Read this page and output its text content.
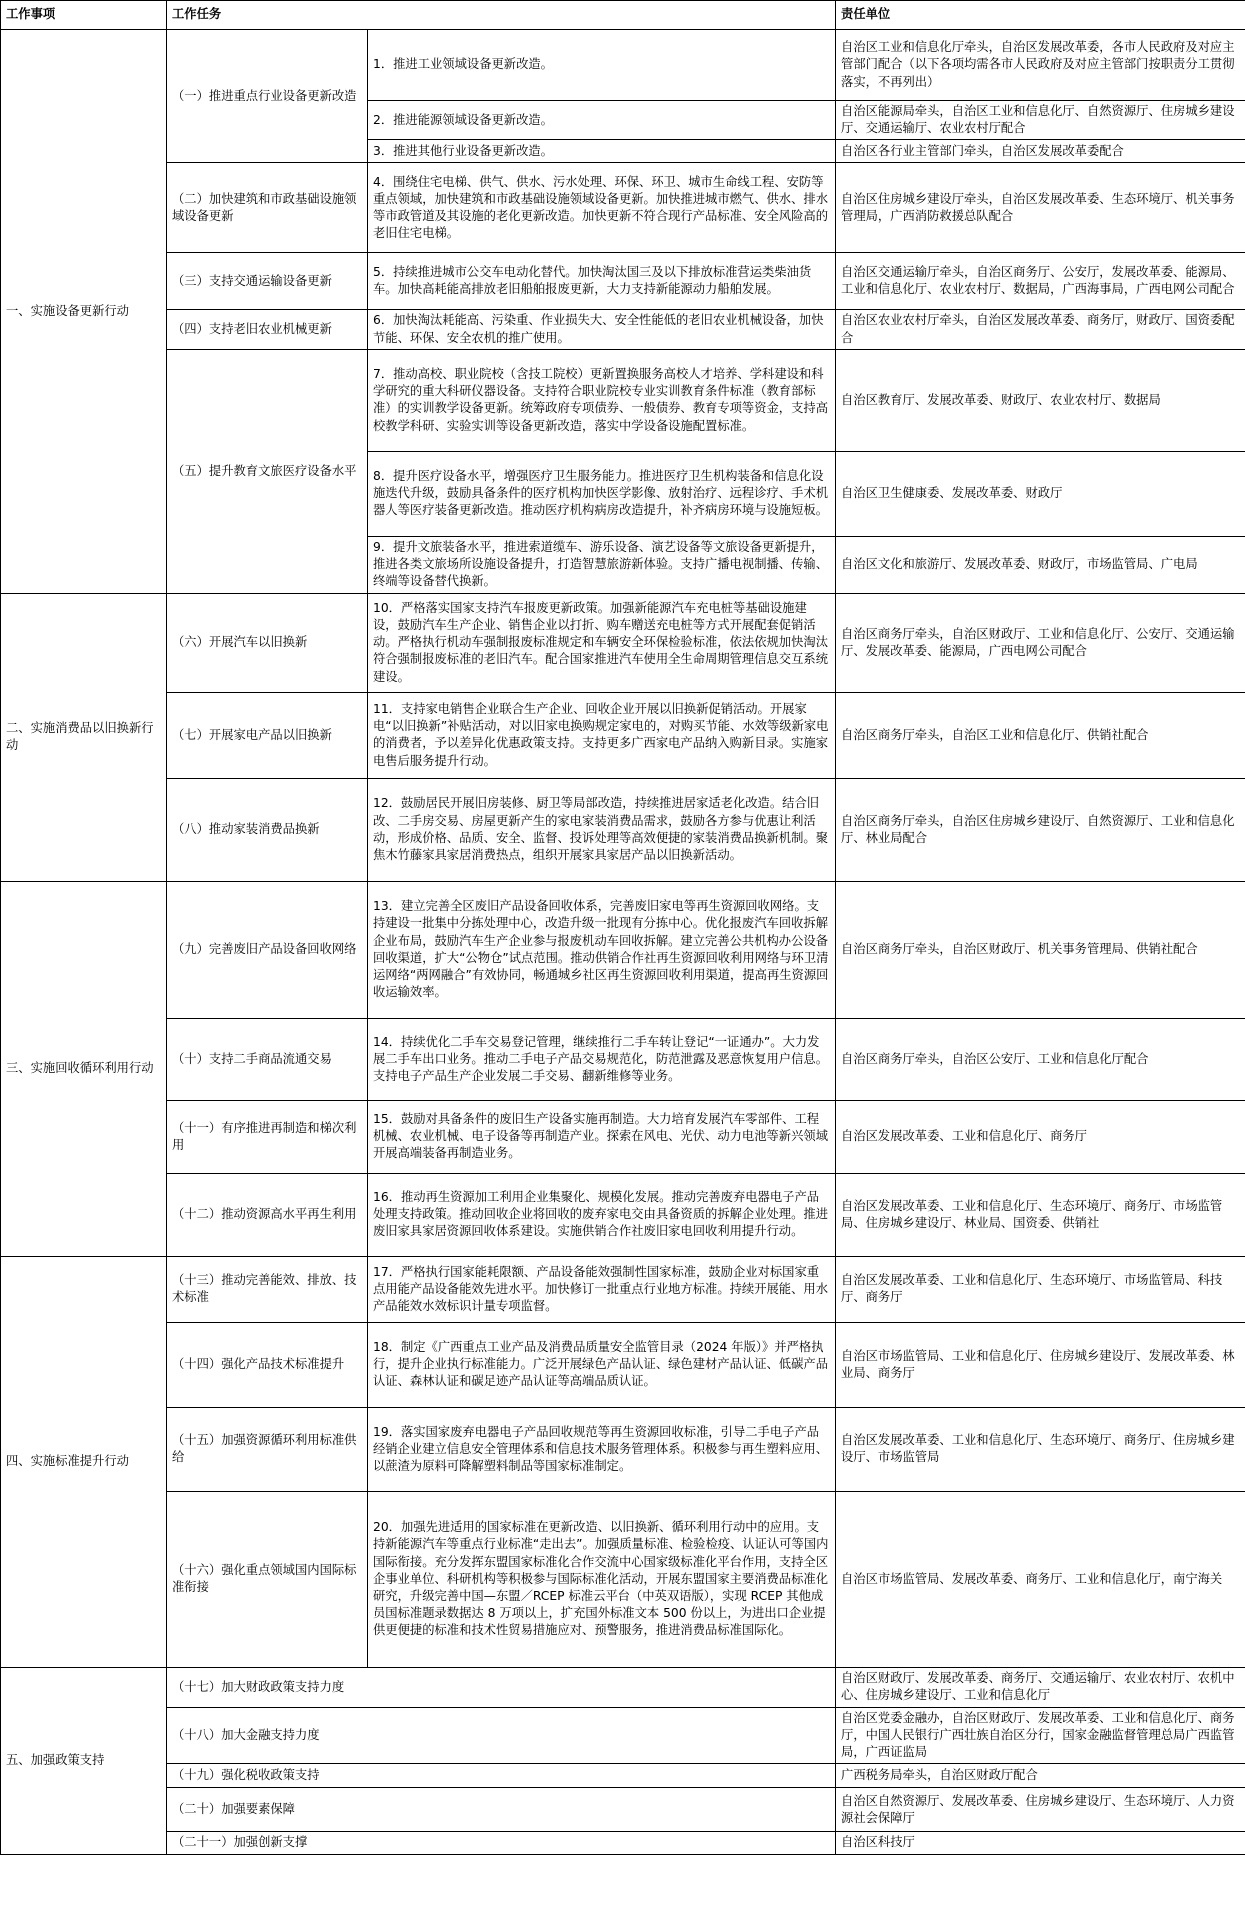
工作事项	工作任务		责任单位
一、实施设备更新行动	（一）推进重点行业设备更新改造	1．推进工业领域设备更新改造。	自治区工业和信息化厅牵头，自治区发展改革委，各市人民政府及对应主管部门配合（以下各项均需各市人民政府及对应主管部门按职责分工贯彻落实，不再列出）
		2．推进能源领域设备更新改造。	自治区能源局牵头，自治区工业和信息化厅、自然资源厅、住房城乡建设厅、交通运输厅、农业农村厅配合
		3．推进其他行业设备更新改造。	自治区各行业主管部门牵头，自治区发展改革委配合
	（二）加快建筑和市政基础设施领域设备更新	4．围绕住宅电梯、供气、供水、污水处理、环保、环卫、城市生命线工程、安防等重点领域，加快建筑和市政基础设施领域设备更新。加快推进城市燃气、供水、排水等市政管道及其设施的老化更新改造。加快更新不符合现行产品标准、安全风险高的老旧住宅电梯。	自治区住房城乡建设厅牵头，自治区发展改革委、生态环境厅、机关事务管理局，广西消防救援总队配合
	（三）支持交通运输设备更新	5．持续推进城市公交车电动化替代。加快淘汰国三及以下排放标准营运类柴油货车。加快高耗能高排放老旧船舶报废更新，大力支持新能源动力船舶发展。	自治区交通运输厅牵头，自治区商务厅、公安厅，发展改革委、能源局、工业和信息化厅、农业农村厅、数据局，广西海事局，广西电网公司配合
	（四）支持老旧农业机械更新	6．加快淘汰耗能高、污染重、作业损失大、安全性能低的老旧农业机械设备，加快节能、环保、安全农机的推广使用。	自治区农业农村厅牵头，自治区发展改革委、商务厅，财政厅、国资委配合
	（五）提升教育文旅医疗设备水平	7．推动高校、职业院校（含技工院校）更新置换服务高校人才培养、学科建设和科学研究的重大科研仪器设备。支持符合职业院校专业实训教育条件标准（教育部标准）的实训教学设备更新。统筹政府专项债券、一般债券、教育专项等资金，支持高校教学科研、实验实训等设备更新改造，落实中学设备设施配置标准。	自治区教育厅、发展改革委、财政厅、农业农村厅、数据局
		8．提升医疗设备水平，增强医疗卫生服务能力。推进医疗卫生机构装备和信息化设施迭代升级，鼓励具备条件的医疗机构加快医学影像、放射治疗、远程诊疗、手术机器人等医疗装备更新改造。推动医疗机构病房改造提升，补齐病房环境与设施短板。	自治区卫生健康委、发展改革委、财政厅
		9．提升文旅装备水平，推进索道缆车、游乐设备、演艺设备等文旅设备更新提升，推进各类文旅场所设施设备提升，打造智慧旅游新体验。支持广播电视制播、传输、终端等设备替代换新。	自治区文化和旅游厅、发展改革委、财政厅，市场监管局、广电局
二、实施消费品以旧换新行动	（六）开展汽车以旧换新	10．严格落实国家支持汽车报废更新政策。加强新能源汽车充电桩等基础设施建设，鼓励汽车生产企业、销售企业以打折、购车赠送充电桩等方式开展配套促销活动。严格执行机动车强制报废标准规定和车辆安全环保检验标准，依法依规加快淘汰符合强制报废标准的老旧汽车。配合国家推进汽车使用全生命周期管理信息交互系统建设。	自治区商务厅牵头，自治区财政厅、工业和信息化厅、公安厅、交通运输厅、发展改革委、能源局，广西电网公司配合
	（七）开展家电产品以旧换新	11．支持家电销售企业联合生产企业、回收企业开展以旧换新促销活动。开展家电“以旧换新”补贴活动，对以旧家电换购规定家电的，对购买节能、水效等级新家电的消费者，予以差异化优惠政策支持。支持更多广西家电产品纳入购新目录。实施家电售后服务提升行动。	自治区商务厅牵头，自治区工业和信息化厅、供销社配合
	（八）推动家装消费品换新	12．鼓励居民开展旧房装修、厨卫等局部改造，持续推进居家适老化改造。结合旧改、二手房交易、房屋更新产生的家电家装消费品需求，鼓励各方参与优惠让利活动，形成价格、品质、安全、监督、投诉处理等高效便捷的家装消费品换新机制。聚焦木竹藤家具家居消费热点，组织开展家具家居产品以旧换新活动。	自治区商务厅牵头，自治区住房城乡建设厅、自然资源厅、工业和信息化厅、林业局配合
三、实施回收循环利用行动	（九）完善废旧产品设备回收网络	13．建立完善全区废旧产品设备回收体系，完善废旧家电等再生资源回收网络。支持建设一批集中分拣处理中心，改造升级一批现有分拣中心。优化报废汽车回收拆解企业布局，鼓励汽车生产企业参与报废机动车回收拆解。建立完善公共机构办公设备回收渠道，扩大“公物仓”试点范围。推动供销合作社再生资源回收利用网络与环卫清运网络“两网融合”有效协同，畅通城乡社区再生资源回收利用渠道，提高再生资源回收运输效率。	自治区商务厅牵头，自治区财政厅、机关事务管理局、供销社配合
	（十）支持二手商品流通交易	14．持续优化二手车交易登记管理，继续推行二手车转让登记“一证通办”。大力发展二手车出口业务。推动二手电子产品交易规范化，防范泄露及恶意恢复用户信息。支持电子产品生产企业发展二手交易、翻新维修等业务。	自治区商务厅牵头，自治区公安厅、工业和信息化厅配合
	（十一）有序推进再制造和梯次利用	15．鼓励对具备条件的废旧生产设备实施再制造。大力培育发展汽车零部件、工程机械、农业机械、电子设备等再制造产业。探索在风电、光伏、动力电池等新兴领域开展高端装备再制造业务。	自治区发展改革委、工业和信息化厅、商务厅
	（十二）推动资源高水平再生利用	16．推动再生资源加工利用企业集聚化、规模化发展。推动完善废弃电器电子产品处理支持政策。推动回收企业将回收的废弃家电交由具备资质的拆解企业处理。推进废旧家具家居资源回收体系建设。实施供销合作社废旧家电回收利用提升行动。	自治区发展改革委、工业和信息化厅、生态环境厅、商务厅、市场监管局、住房城乡建设厅、林业局、国资委、供销社
四、实施标准提升行动	（十三）推动完善能效、排放、技术标准	17．严格执行国家能耗限额、产品设备能效强制性国家标准，鼓励企业对标国家重点用能产品设备能效先进水平。加快修订一批重点行业地方标准。持续开展能、用水产品能效水效标识计量专项监督。	自治区发展改革委、工业和信息化厅、生态环境厅、市场监管局、科技厅、商务厅
	（十四）强化产品技术标准提升	18．制定《广西重点工业产品及消费品质量安全监管目录（2024 年版）》并严格执行，提升企业执行标准能力。广泛开展绿色产品认证、绿色建材产品认证、低碳产品认证、森林认证和碳足迹产品认证等高端品质认证。	自治区市场监管局、工业和信息化厅、住房城乡建设厅、发展改革委、林业局、商务厅
	（十五）加强资源循环利用标准供给	19．落实国家废弃电器电子产品回收规范等再生资源回收标准，引导二手电子产品经销企业建立信息安全管理体系和信息技术服务管理体系。积极参与再生塑料应用、以蔗渣为原料可降解塑料制品等国家标准制定。	自治区发展改革委、工业和信息化厅、生态环境厅、商务厅、住房城乡建设厅、市场监管局
	（十六）强化重点领域国内国际标准衔接	20．加强先进适用的国家标准在更新改造、以旧换新、循环利用行动中的应用。支持新能源汽车等重点行业标准“走出去”。加强质量标准、检验检疫、认证认可等国内国际衔接。充分发挥东盟国家标准化合作交流中心国家级标准化平台作用，支持全区企事业单位、科研机构等积极参与国际标准化活动，开展东盟国家主要消费品标准化研究，升级完善中国—东盟／RCEP 标准云平台（中英双语版），实现 RCEP 其他成员国标准题录数据达 8 万项以上，扩充国外标准文本 500 份以上，为进出口企业提供更便捷的标准和技术性贸易措施应对、预警服务，推进消费品标准国际化。	自治区市场监管局、发展改革委、商务厅、工业和信息化厅，南宁海关
五、加强政策支持	（十七）加大财政政策支持力度		自治区财政厅、发展改革委、商务厅、交通运输厅、农业农村厅、农机中心、住房城乡建设厅、工业和信息化厅
	（十八）加大金融支持力度		自治区党委金融办，自治区财政厅、发展改革委、工业和信息化厅、商务厅，中国人民银行广西壮族自治区分行，国家金融监督管理总局广西监管局，广西证监局
	（十九）强化税收政策支持		广西税务局牵头，自治区财政厅配合
	（二十）加强要素保障		自治区自然资源厅、发展改革委、住房城乡建设厅、生态环境厅、人力资源社会保障厅
	（二十一）加强创新支撑		自治区科技厅
